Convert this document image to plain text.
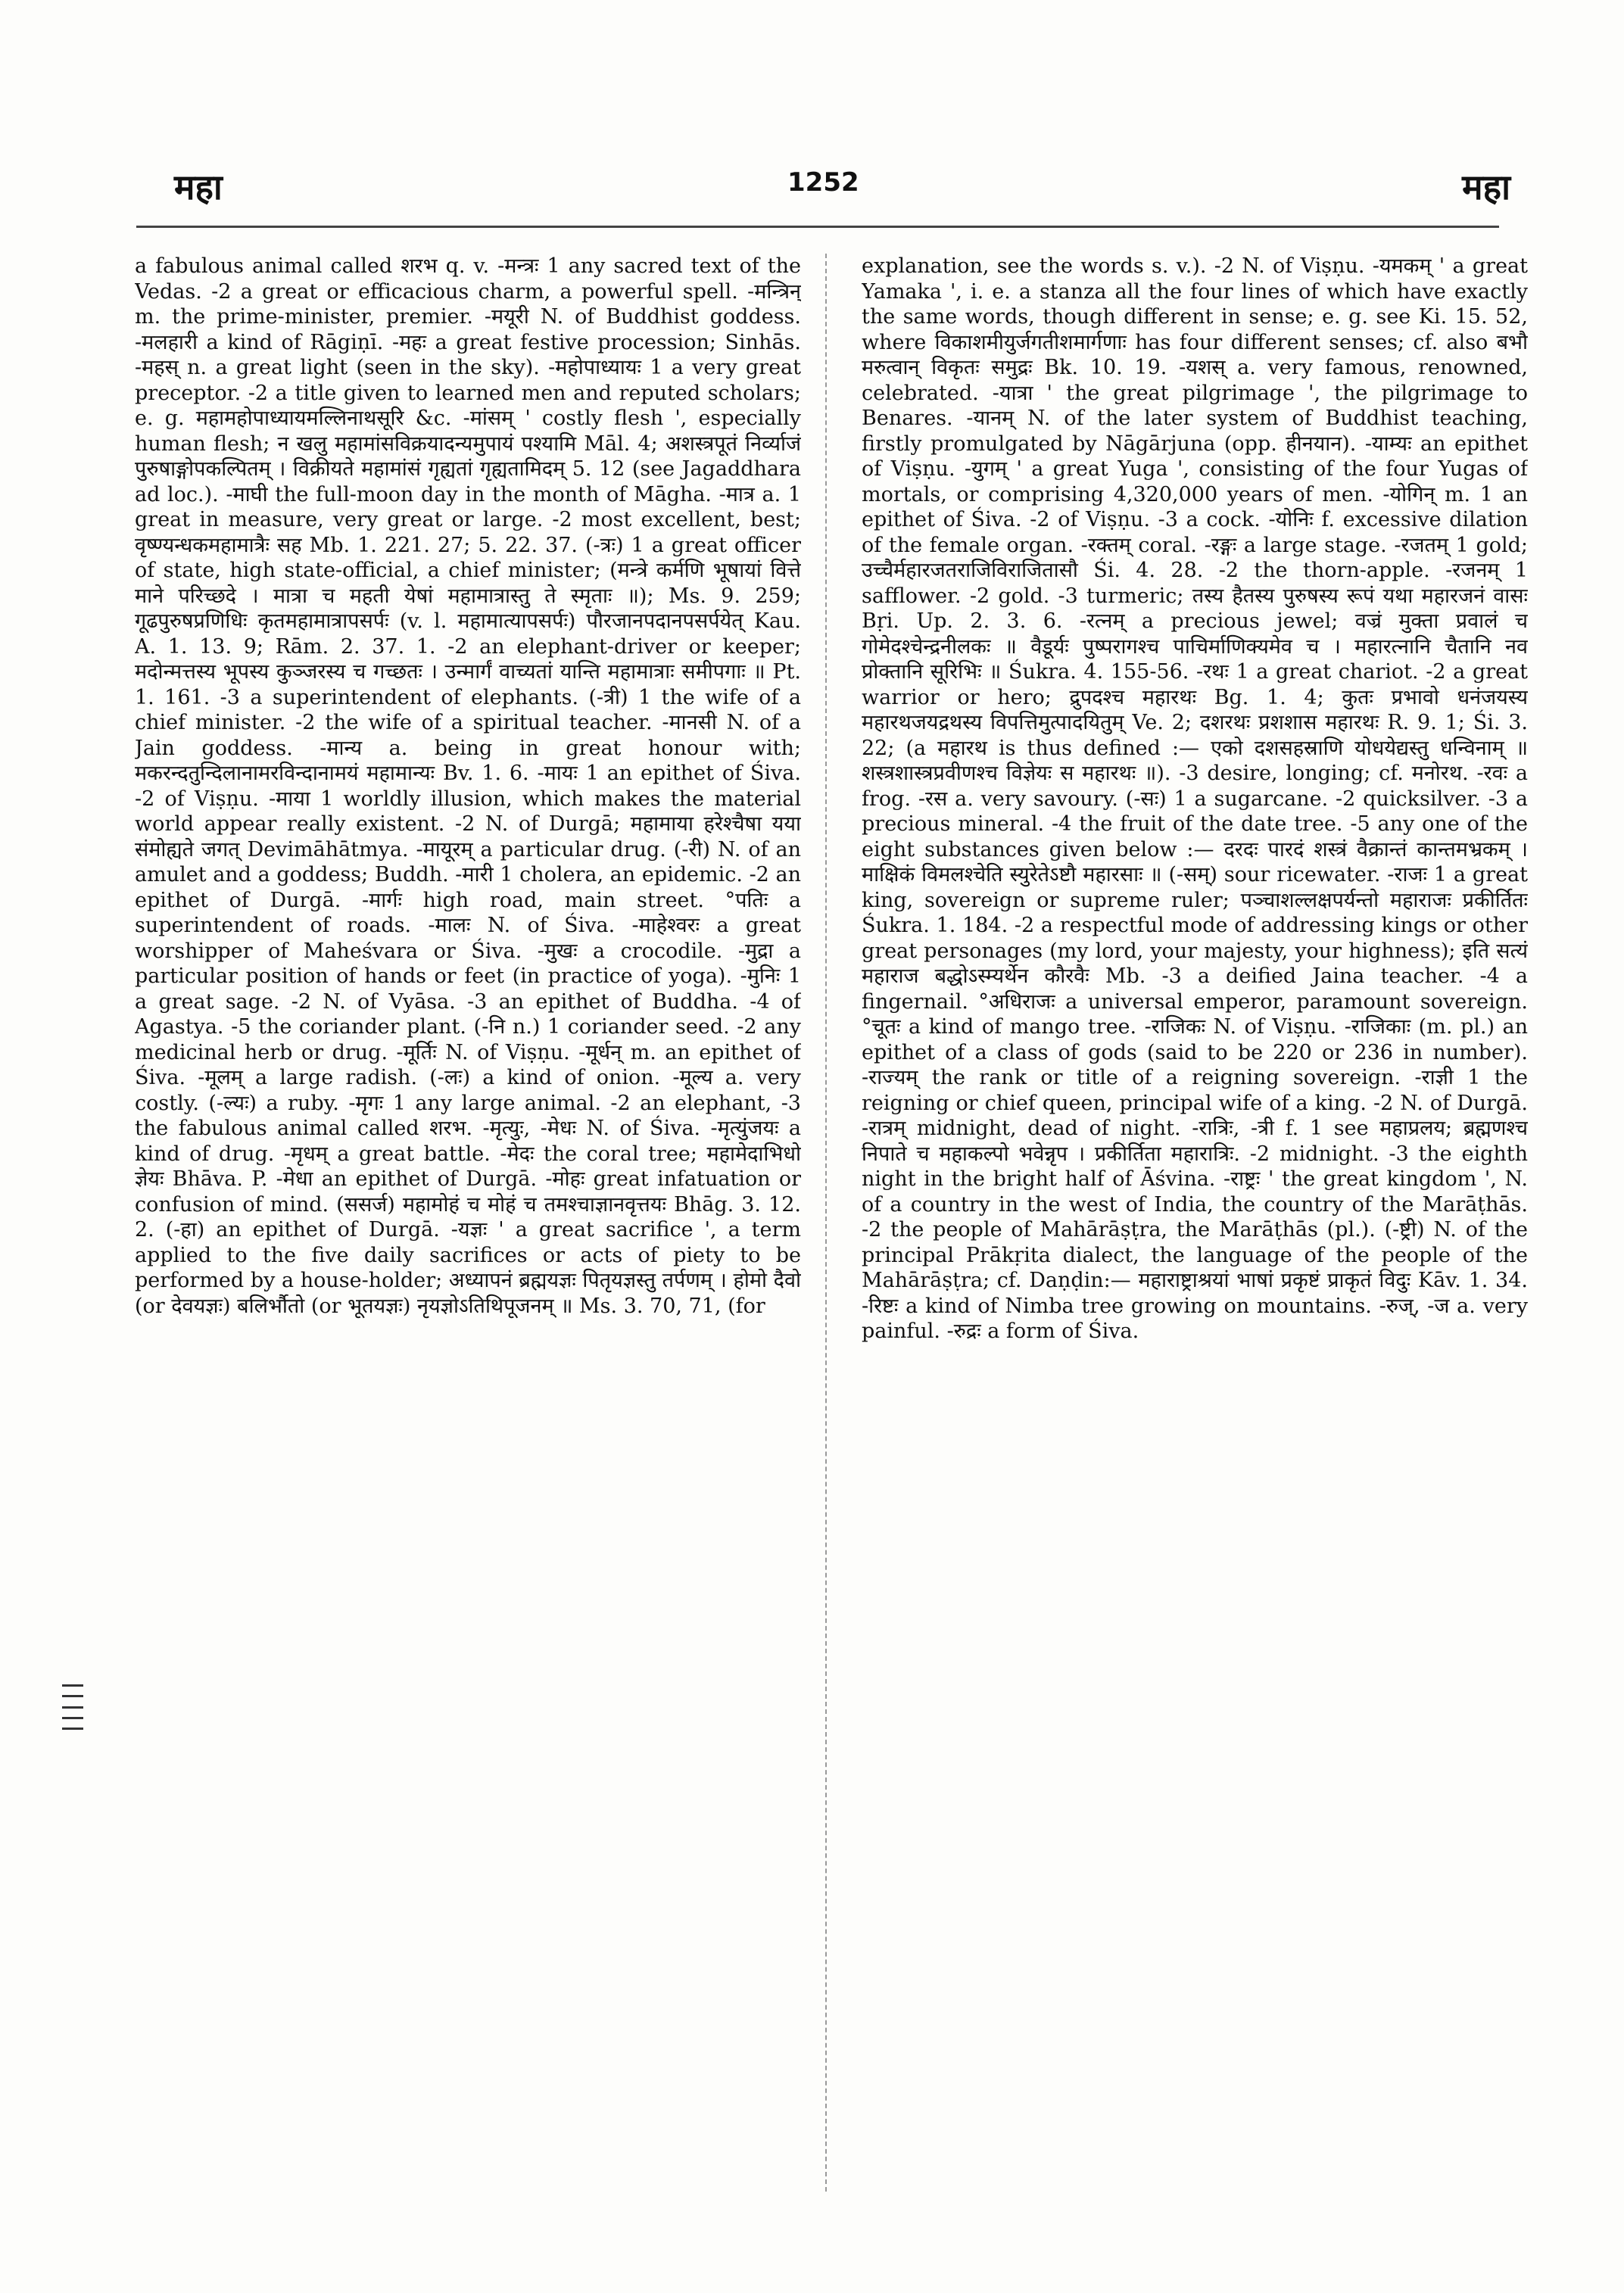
महा	1252	महा

a fabulous animal called शरभ q. v. -मन्त्रः 1 any sacred text of the Vedas. -2 a great or efficacious charm, a powerful spell. -मन्त्रिन् m. the prime-minister, premier. -मयूरी N. of Buddhist goddess. -मलहारी a kind of Rāgiṇī. -महः a great festive procession; Sinhās. -महस् n. a great light (seen in the sky). -महोपाध्यायः 1 a very great preceptor. -2 a title given to learned men and reputed scholars; e. g. महामहोपाध्यायमल्लिनाथसूरि &c. -मांसम् ' costly flesh ', especially human flesh; न खलु महामांसविक्रयादन्यमुपायं पश्यामि Māl. 4; अशस्त्रपूतं निर्व्याजं पुरुषाङ्गोपकल्पितम् । विक्रीयते महामांसं गृह्यतां गृह्यतामिदम् 5. 12 (see Jagaddhara ad loc.). -माघी the full-moon day in the month of Māgha. -मात्र a. 1 great in measure, very great or large. -2 most excellent, best; वृष्ण्यन्धकमहामात्रैः सह Mb. 1. 221. 27; 5. 22. 37. (-त्रः) 1 a great officer of state, high state-official, a chief minister; (मन्त्रे कर्मणि भूषायां वित्ते माने परिच्छदे । मात्रा च महती येषां महामात्रास्तु ते स्मृताः ॥); Ms. 9. 259; गूढपुरुषप्रणिधिः कृतमहामात्रापसर्पः (v. l. महामात्यापसर्पः) पौरजानपदानपसर्पयेत् Kau. A. 1. 13. 9; Rām. 2. 37. 1. -2 an elephant-driver or keeper; मदोन्मत्तस्य भूपस्य कुञ्जरस्य च गच्छतः । उन्मार्गं वाच्यतां यान्ति महामात्राः समीपगाः ॥ Pt. 1. 161. -3 a superintendent of elephants. (-त्री) 1 the wife of a chief minister. -2 the wife of a spiritual teacher. -मानसी N. of a Jain goddess. -मान्य a. being in great honour with; मकरन्दतुन्दिलानामरविन्दानामयं महामान्यः Bv. 1. 6. -मायः 1 an epithet of Śiva. -2 of Viṣṇu. -माया 1 worldly illusion, which makes the material world appear really existent. -2 N. of Durgā; महामाया हरेश्चैषा यया संमोह्यते जगत् Devimāhātmya. -मायूरम् a particular drug. (-री) N. of an amulet and a goddess; Buddh. -मारी 1 cholera, an epidemic. -2 an epithet of Durgā. -मार्गः high road, main street. °पतिः a superintendent of roads. -मालः N. of Śiva. -माहेश्वरः a great worshipper of Maheśvara or Śiva. -मुखः a crocodile. -मुद्रा a particular position of hands or feet (in practice of yoga). -मुनिः 1 a great sage. -2 N. of Vyāsa. -3 an epithet of Buddha. -4 of Agastya. -5 the coriander plant. (-नि n.) 1 coriander seed. -2 any medicinal herb or drug. -मूर्तिः N. of Viṣṇu. -मूर्धन् m. an epithet of Śiva. -मूलम् a large radish. (-लः) a kind of onion. -मूल्य a. very costly. (-ल्यः) a ruby. -मृगः 1 any large animal. -2 an elephant, -3 the fabulous animal called शरभ. -मृत्युः, -मेधः N. of Śiva. -मृत्युंजयः a kind of drug. -मृधम् a great battle. -मेदः the coral tree; महामेदाभिधो ज्ञेयः Bhāva. P. -मेधा an epithet of Durgā. -मोहः great infatuation or confusion of mind. (ससर्ज) महामोहं च मोहं च तमश्चाज्ञानवृत्तयः Bhāg. 3. 12. 2. (-हा) an epithet of Durgā. -यज्ञः ' a great sacrifice ', a term applied to the five daily sacrifices or acts of piety to be performed by a house-holder; अध्यापनं ब्रह्मयज्ञः पितृयज्ञस्तु तर्पणम् । होमो दैवो (or देवयज्ञः) बलिर्भौतो (or भूतयज्ञः) नृयज्ञोऽतिथिपूजनम् ॥ Ms. 3. 70, 71, (for

explanation, see the words s. v.). -2 N. of Viṣṇu. -यमकम् ' a great Yamaka ', i. e. a stanza all the four lines of which have exactly the same words, though different in sense; e. g. see Ki. 15. 52, where विकाशमीयुर्जगतीशमार्गणाः has four different senses; cf. also बभौ मरुत्वान् विकृतः समुद्रः Bk. 10. 19. -यशस् a. very famous, renowned, celebrated. -यात्रा ' the great pilgrimage ', the pilgrimage to Benares. -यानम् N. of the later system of Buddhist teaching, firstly promulgated by Nāgārjuna (opp. हीनयान). -याम्यः an epithet of Viṣṇu. -युगम् ' a great Yuga ', consisting of the four Yugas of mortals, or comprising 4,320,000 years of men. -योगिन् m. 1 an epithet of Śiva. -2 of Viṣṇu. -3 a cock. -योनिः f. excessive dilation of the female organ. -रक्तम् coral. -रङ्गः a large stage. -रजतम् 1 gold; उच्चैर्महारजतराजिविराजितासौ Śi. 4. 28. -2 the thorn-apple. -रजनम् 1 safflower. -2 gold. -3 turmeric; तस्य हैतस्य पुरुषस्य रूपं यथा महारजनं वासः Bṛi. Up. 2. 3. 6. -रत्नम् a precious jewel; वज्रं मुक्ता प्रवालं च गोमेदश्चेन्द्रनीलकः ॥ वैडूर्यः पुष्परागश्च पाचिर्माणिक्यमेव च । महारत्नानि चैतानि नव प्रोक्तानि सूरिभिः ॥ Śukra. 4. 155-56. -रथः 1 a great chariot. -2 a great warrior or hero; द्रुपदश्च महारथः Bg. 1. 4; कुतः प्रभावो धनंजयस्य महारथजयद्रथस्य विपत्तिमुत्पादयितुम् Ve. 2; दशरथः प्रशशास महारथः R. 9. 1; Śi. 3. 22; (a महारथ is thus defined :— एको दशसहस्राणि योधयेद्यस्तु धन्विनाम् ॥ शस्त्रशास्त्रप्रवीणश्च विज्ञेयः स महारथः ॥). -3 desire, longing; cf. मनोरथ. -रवः a frog. -रस a. very savoury. (-सः) 1 a sugarcane. -2 quicksilver. -3 a precious mineral. -4 the fruit of the date tree. -5 any one of the eight substances given below :— दरदः पारदं शस्त्रं वैक्रान्तं कान्तमभ्रकम् । माक्षिकं विमलश्चेति स्युरेतेऽष्टौ महारसाः ॥ (-सम्) sour ricewater. -राजः 1 a great king, sovereign or supreme ruler; पञ्चाशल्लक्षपर्यन्तो महाराजः प्रकीर्तितः Śukra. 1. 184. -2 a respectful mode of addressing kings or other great personages (my lord, your majesty, your highness); इति सत्यं महाराज बद्धोऽस्म्यर्थेन कौरवैः Mb. -3 a deified Jaina teacher. -4 a fingernail. °अधिराजः a universal emperor, paramount sovereign. °चूतः a kind of mango tree. -राजिकः N. of Viṣṇu. -राजिकाः (m. pl.) an epithet of a class of gods (said to be 220 or 236 in number). -राज्यम् the rank or title of a reigning sovereign. -राज्ञी 1 the reigning or chief queen, principal wife of a king. -2 N. of Durgā. -रात्रम् midnight, dead of night. -रात्रिः, -त्री f. 1 see महाप्रलय; ब्रह्मणश्च निपाते च महाकल्पो भवेन्नृप । प्रकीर्तिता महारात्रिः. -2 midnight. -3 the eighth night in the bright half of Āśvina. -राष्ट्रः ' the great kingdom ', N. of a country in the west of India, the country of the Marāṭhās. -2 the people of Mahārāṣṭra, the Marāṭhās (pl.). (-ष्ट्री) N. of the principal Prākṛita dialect, the language of the people of the Mahārāṣṭra; cf. Daṇḍin:— महाराष्ट्राश्रयां भाषां प्रकृष्टं प्राकृतं विदुः Kāv. 1. 34. -रिष्टः a kind of Nimba tree growing on mountains. -रुज्, -ज a. very painful. -रुद्रः a form of Śiva.
